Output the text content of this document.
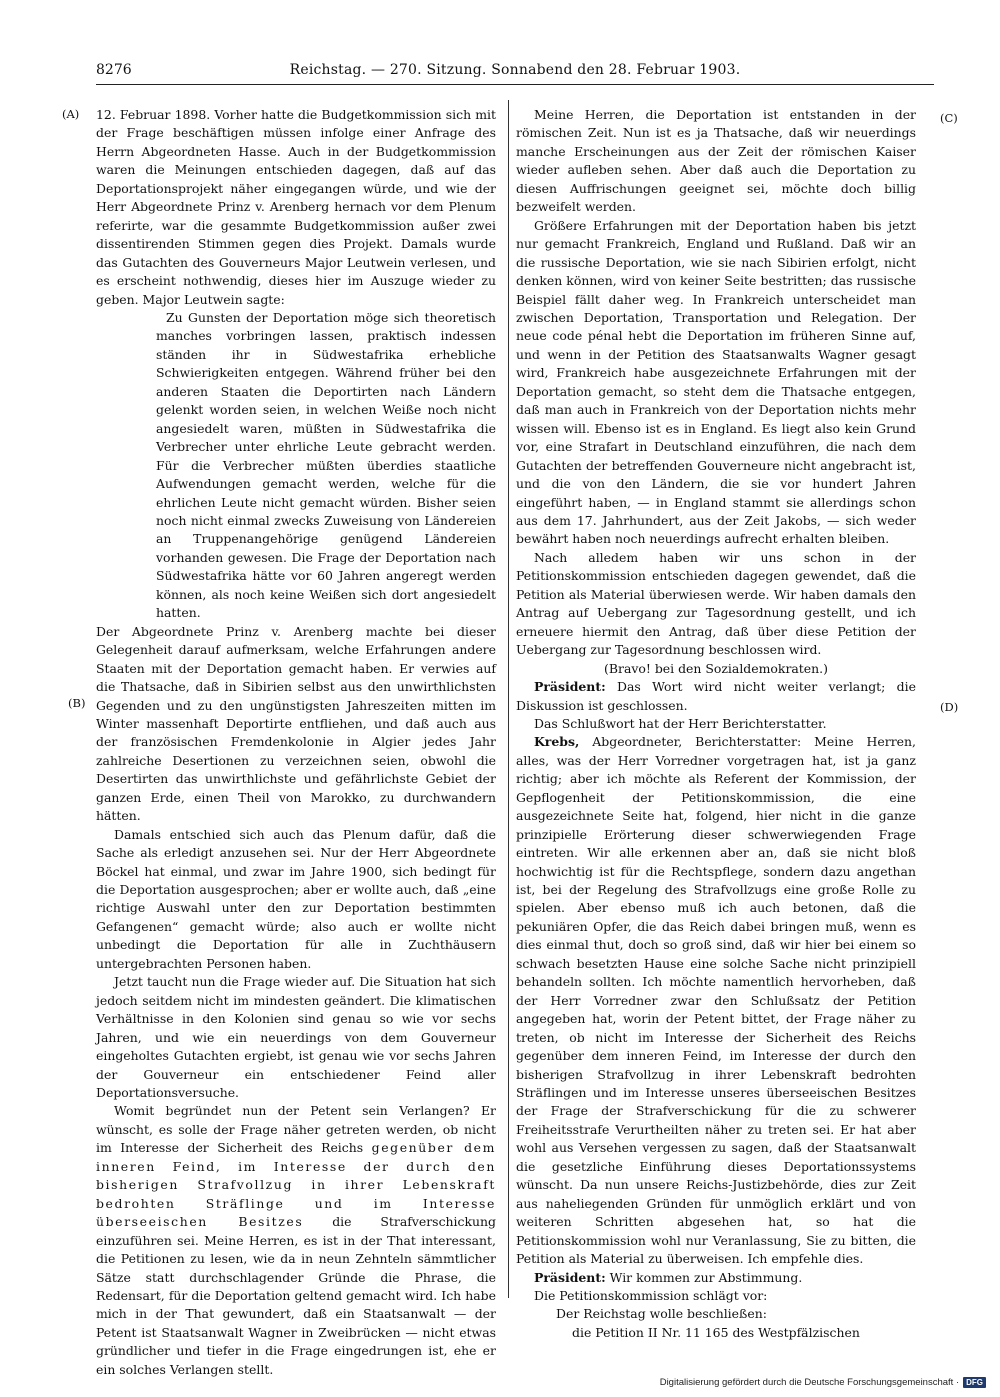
Reichstag. — 270. Sitzung. Sonnabend den 28. Februar 1903.
8276
(A)
(B)
(C)
(D)

12. Februar 1898. Vorher hatte die Budgetkommission sich mit der Frage beschäftigen müssen infolge einer Anfrage des Herrn Abgeordneten Hasse. Auch in der Budgetkommission waren die Meinungen entschieden dagegen, daß auf das Deportationsprojekt näher eingegangen würde, und wie der Herr Abgeordnete Prinz v. Arenberg hernach vor dem Plenum referirte, war die gesammte Budgetkommission außer zwei dissentirenden Stimmen gegen dies Projekt. Damals wurde das Gutachten des Gouverneurs Major Leutwein verlesen, und es erscheint nothwendig, dieses hier im Auszuge wieder zu geben. Major Leutwein sagte:

Zu Gunsten der Deportation möge sich theoretisch manches vorbringen lassen, praktisch indessen ständen ihr in Südwestafrika erhebliche Schwierigkeiten entgegen. Während früher bei den anderen Staaten die Deportirten nach Ländern gelenkt worden seien, in welchen Weiße noch nicht angesiedelt waren, müßten in Südwestafrika die Verbrecher unter ehrliche Leute gebracht werden. Für die Verbrecher müßten überdies staatliche Aufwendungen gemacht werden, welche für die ehrlichen Leute nicht gemacht würden. Bisher seien noch nicht einmal zwecks Zuweisung von Ländereien an Truppenangehörige genügend Ländereien vorhanden gewesen. Die Frage der Deportation nach Südwestafrika hätte vor 60 Jahren angeregt werden können, als noch keine Weißen sich dort angesiedelt hatten.

Der Abgeordnete Prinz v. Arenberg machte bei dieser Gelegenheit darauf aufmerksam, welche Erfahrungen andere Staaten mit der Deportation gemacht haben. Er verwies auf die Thatsache, daß in Sibirien selbst aus den unwirthlichsten Gegenden und zu den ungünstigsten Jahreszeiten mitten im Winter massenhaft Deportirte entfliehen, und daß auch aus der französischen Fremdenkolonie in Algier jedes Jahr zahlreiche Desertionen zu verzeichnen seien, obwohl die Desertirten das unwirthlichste und gefährlichste Gebiet der ganzen Erde, einen Theil von Marokko, zu durchwandern hätten.

Damals entschied sich auch das Plenum dafür, daß die Sache als erledigt anzusehen sei. Nur der Herr Abgeordnete Böckel hat einmal, und zwar im Jahre 1900, sich bedingt für die Deportation ausgesprochen; aber er wollte auch, daß „eine richtige Auswahl unter den zur Deportation bestimmten Gefangenen“ gemacht würde; also auch er wollte nicht unbedingt die Deportation für alle in Zuchthäusern untergebrachten Personen haben.

Jetzt taucht nun die Frage wieder auf. Die Situation hat sich jedoch seitdem nicht im mindesten geändert. Die klimatischen Verhältnisse in den Kolonien sind genau so wie vor sechs Jahren, und wie ein neuerdings von dem Gouverneur eingeholtes Gutachten ergiebt, ist genau wie vor sechs Jahren der Gouverneur ein entschiedener Feind aller Deportationsversuche.

Womit begründet nun der Petent sein Verlangen? Er wünscht, es solle der Frage näher getreten werden, ob nicht im Interesse der Sicherheit des Reichs gegenüber dem inneren Feind, im Interesse der durch den bisherigen Strafvollzug in ihrer Lebenskraft bedrohten Sträflinge und im Interesse überseeischen Besitzes die Strafverschickung einzuführen sei. Meine Herren, es ist in der That interessant, die Petitionen zu lesen, wie da in neun Zehnteln sämmtlicher Sätze statt durchschlagender Gründe die Phrase, die Redensart, für die Deportation geltend gemacht wird. Ich habe mich in der That gewundert, daß ein Staatsanwalt — der Petent ist Staatsanwalt Wagner in Zweibrücken — nicht etwas gründlicher und tiefer in die Frage eingedrungen ist, ehe er ein solches Verlangen stellt.

Meine Herren, die Deportation ist entstanden in der römischen Zeit. Nun ist es ja Thatsache, daß wir neuerdings manche Erscheinungen aus der Zeit der römischen Kaiser wieder aufleben sehen. Aber daß auch die Deportation zu diesen Auffrischungen geeignet sei, möchte doch billig bezweifelt werden.

Größere Erfahrungen mit der Deportation haben bis jetzt nur gemacht Frankreich, England und Rußland. Daß wir an die russische Deportation, wie sie nach Sibirien erfolgt, nicht denken können, wird von keiner Seite bestritten; das russische Beispiel fällt daher weg. In Frankreich unterscheidet man zwischen Deportation, Transportation und Relegation. Der neue code pénal hebt die Deportation im früheren Sinne auf, und wenn in der Petition des Staatsanwalts Wagner gesagt wird, Frankreich habe ausgezeichnete Erfahrungen mit der Deportation gemacht, so steht dem die Thatsache entgegen, daß man auch in Frankreich von der Deportation nichts mehr wissen will. Ebenso ist es in England. Es liegt also kein Grund vor, eine Strafart in Deutschland einzuführen, die nach dem Gutachten der betreffenden Gouverneure nicht angebracht ist, und die von den Ländern, die sie vor hundert Jahren eingeführt haben, — in England stammt sie allerdings schon aus dem 17. Jahrhundert, aus der Zeit Jakobs, — sich weder bewährt haben noch neuerdings aufrecht erhalten bleiben.

Nach alledem haben wir uns schon in der Petitionskommission entschieden dagegen gewendet, daß die Petition als Material überwiesen werde. Wir haben damals den Antrag auf Uebergang zur Tagesordnung gestellt, und ich erneuere hiermit den Antrag, daß über diese Petition der Uebergang zur Tagesordnung beschlossen wird.

(Bravo! bei den Sozialdemokraten.)

Präsident: Das Wort wird nicht weiter verlangt; die Diskussion ist geschlossen.

Das Schlußwort hat der Herr Berichterstatter.

Krebs, Abgeordneter, Berichterstatter: Meine Herren, alles, was der Herr Vorredner vorgetragen hat, ist ja ganz richtig; aber ich möchte als Referent der Kommission, der Gepflogenheit der Petitionskommission, die eine ausgezeichnete Seite hat, folgend, hier nicht in die ganze prinzipielle Erörterung dieser schwerwiegenden Frage eintreten. Wir alle erkennen aber an, daß sie nicht bloß hochwichtig ist für die Rechtspflege, sondern dazu angethan ist, bei der Regelung des Strafvollzugs eine große Rolle zu spielen. Aber ebenso muß ich auch betonen, daß die pekuniären Opfer, die das Reich dabei bringen muß, wenn es dies einmal thut, doch so groß sind, daß wir hier bei einem so schwach besetzten Hause eine solche Sache nicht prinzipiell behandeln sollten. Ich möchte namentlich hervorheben, daß der Herr Vorredner zwar den Schlußsatz der Petition angegeben hat, worin der Petent bittet, der Frage näher zu treten, ob nicht im Interesse der Sicherheit des Reichs gegenüber dem inneren Feind, im Interesse der durch den bisherigen Strafvollzug in ihrer Lebenskraft bedrohten Sträflingen und im Interesse unseres überseeischen Besitzes der Frage der Strafverschickung für die zu schwerer Freiheitsstrafe Verurtheilten näher zu treten sei. Er hat aber wohl aus Versehen vergessen zu sagen, daß der Staatsanwalt die gesetzliche Einführung dieses Deportationssystems wünscht. Da nun unsere Reichs-Justizbehörde, dies zur Zeit aus naheliegenden Gründen für unmöglich erklärt und von weiteren Schritten abgesehen hat, so hat die Petitionskommission wohl nur Veranlassung, Sie zu bitten, die Petition als Material zu überweisen. Ich empfehle dies.

Präsident: Wir kommen zur Abstimmung.

Die Petitionskommission schlägt vor:

Der Reichstag wolle beschließen:

die Petition II Nr. 11 165 des Westpfälzischen

Digitalisierung gefördert durch die Deutsche Forschungsgemeinschaft · DFG
